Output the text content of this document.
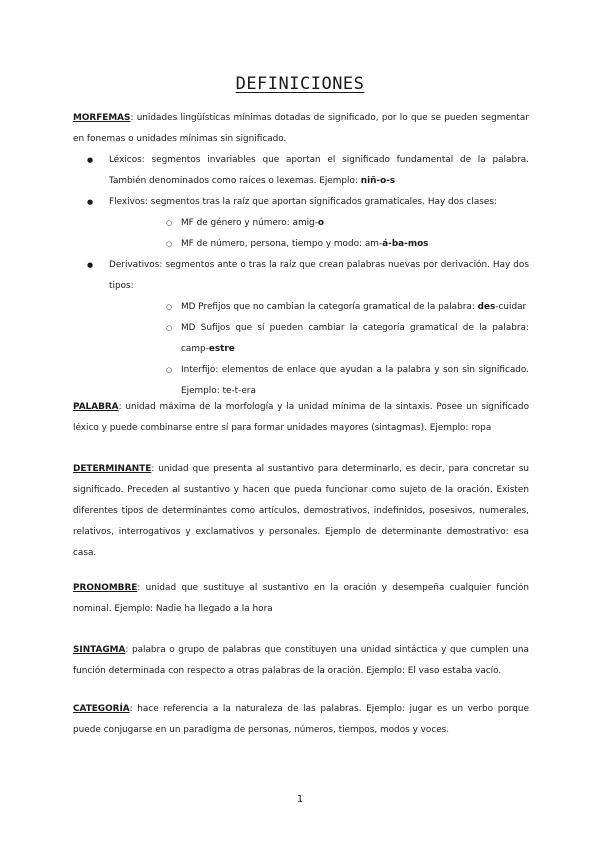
DEFINICIONES

MORFEMAS: unidades lingüísticas mínimas dotadas de significado, por lo que se pueden segmentar en fonemas o unidades mínimas sin significado.

● Léxicos: segmentos invariables que aportan el significado fundamental de la palabra. También denominados como raíces o lexemas. Ejemplo: niñ-o-s
● Flexivos: segmentos tras la raíz que aportan significados gramaticales. Hay dos clases:
○ MF de género y número: amig-o
○ MF de número, persona, tiempo y modo: am-á-ba-mos
● Derivativos: segmentos ante o tras la raíz que crean palabras nuevas por derivación. Hay dos tipos:
○ MD Prefijos que no cambian la categoría gramatical de la palabra: des-cuidar
○ MD Sufijos que sí pueden cambiar la categoría gramatical de la palabra: camp-estre
○ Interfijo: elementos de enlace que ayudan a la palabra y son sin significado. Ejemplo: te-t-era

PALABRA: unidad máxima de la morfología y la unidad mínima de la sintaxis. Posee un significado léxico y puede combinarse entre sí para formar unidades mayores (sintagmas). Ejemplo: ropa

DETERMINANTE: unidad que presenta al sustantivo para determinarlo, es decir, para concretar su significado. Preceden al sustantivo y hacen que pueda funcionar como sujeto de la oración. Existen diferentes tipos de determinantes como artículos, demostrativos, indefinidos, posesivos, numerales, relativos, interrogativos y exclamativos y personales. Ejemplo de determinante demostrativo: esa casa.

PRONOMBRE: unidad que sustituye al sustantivo en la oración y desempeña cualquier función nominal. Ejemplo: Nadie ha llegado a la hora

SINTAGMA: palabra o grupo de palabras que constituyen una unidad sintáctica y que cumplen una función determinada con respecto a otras palabras de la oración. Ejemplo: El vaso estaba vacío.

CATEGORÍA: hace referencia a la naturaleza de las palabras. Ejemplo: jugar es un verbo porque puede conjugarse en un paradigma de personas, números, tiempos, modos y voces.

1
